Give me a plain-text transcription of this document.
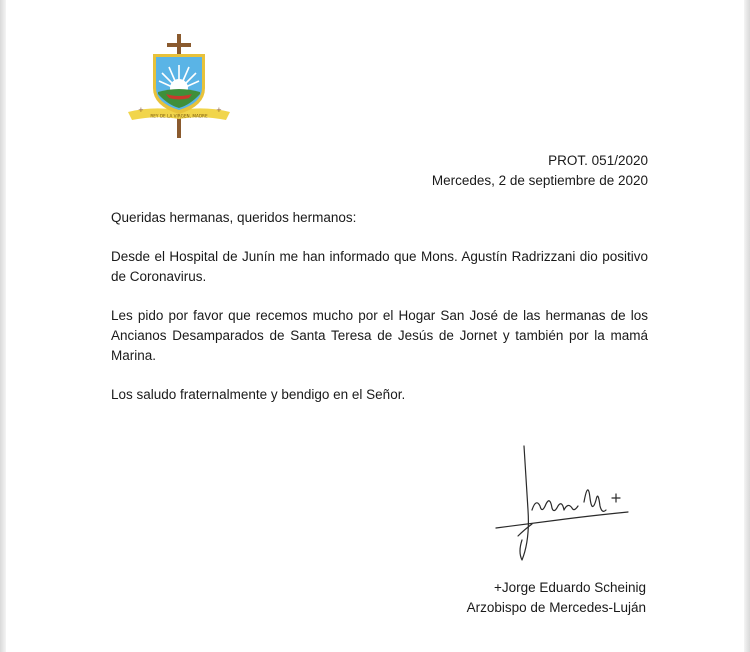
REY DE LA VIRGEN, MADRE
+	+
PROT. 051/2020
Mercedes, 2 de septiembre de 2020

Queridas hermanas, queridos hermanos:

Desde el Hospital de Junín me han informado que Mons. Agustín Radrizzani dio positivo de Coronavirus.

Les pido por favor que recemos mucho por el Hogar San José de las hermanas de los Ancianos Desamparados de Santa Teresa de Jesús de Jornet y también por la mamá Marina.

Los saludo fraternalmente y bendigo en el Señor.

+Jorge Eduardo Scheinig
Arzobispo de Mercedes-Luján
